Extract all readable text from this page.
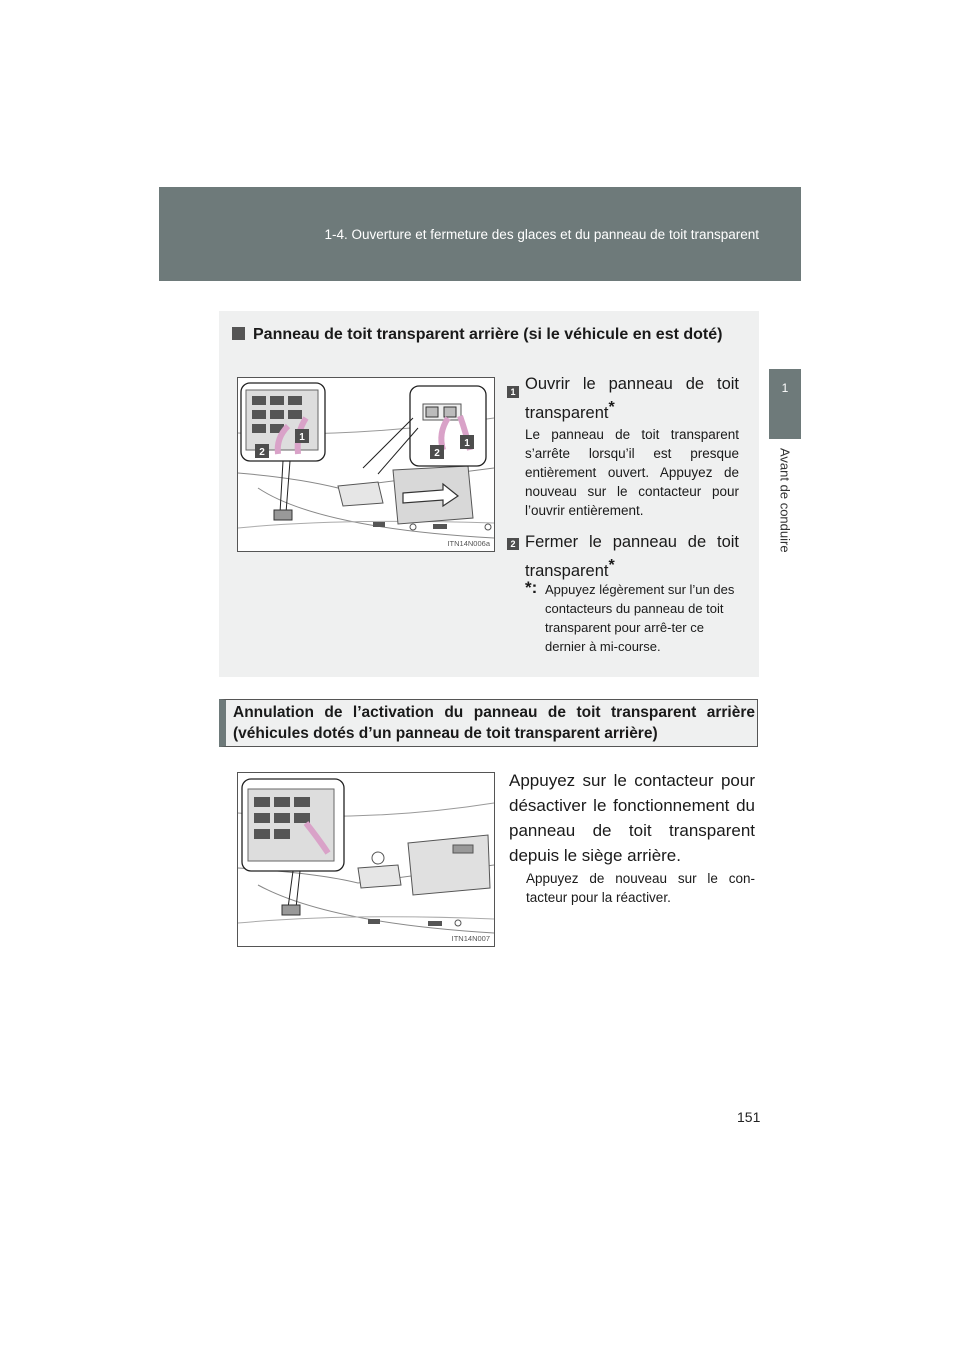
1-4. Ouverture et fermeture des glaces et du panneau de toit transparent
1
Avant de conduire
Panneau de toit transparent arrière (si le véhicule en est doté)
2
1
2
1
ITN14N006a
1 Ouvrir le panneau de toit transparent*
Le panneau de toit transparent s’arrête lorsqu’il est presque entièrement ouvert. Appuyez de nouveau sur le contacteur pour l’ouvrir entièrement.
2 Fermer le panneau de toit transparent*
*: Appuyez légèrement sur l’un des contacteurs du panneau de toit transparent pour arrê-ter ce dernier à mi-course.
Annulation de l’activation du panneau de toit transparent arrière (véhicules dotés d’un panneau de toit transparent arrière)
ITN14N007
Appuyez sur le contacteur pour désactiver le fonctionnement du panneau de toit transparent depuis le siège arrière.
Appuyez de nouveau sur le con-tacteur pour la réactiver.
151
